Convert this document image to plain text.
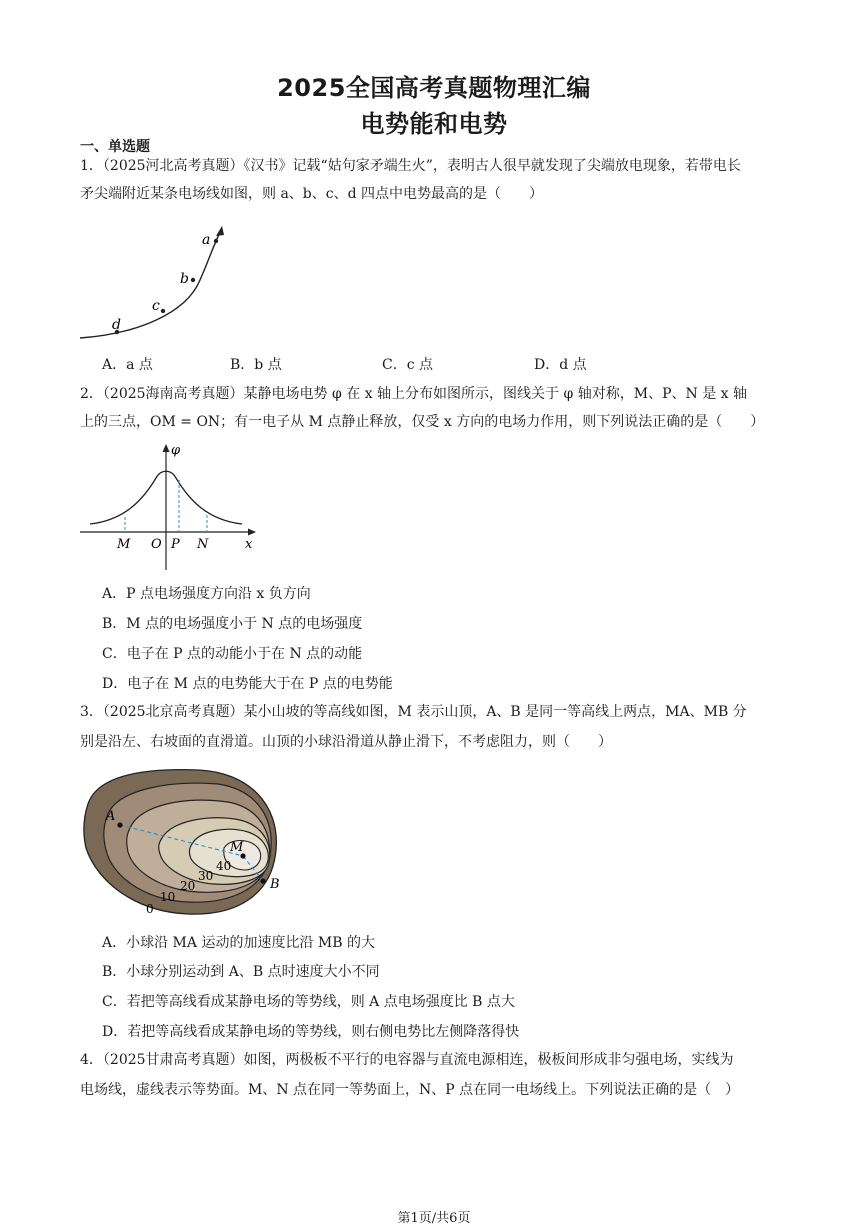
2025全国高考真题物理汇编
电势能和电势
一、单选题
1．（2025河北高考真题）《汉书》记载“姑句家矛端生火”，表明古人很早就发现了尖端放电现象，若带电长
矛尖端附近某条电场线如图，则 a、b、c、d 四点中电势最高的是（　　）
a
b
c
d
A．a 点	B．b 点	C．c 点	D．d 点
2．（2025海南高考真题）某静电场电势 φ 在 x 轴上分布如图所示，图线关于 φ 轴对称，M、P、N 是 x 轴
上的三点，OM = ON；有一电子从 M 点静止释放，仅受 x 方向的电场力作用，则下列说法正确的是（　　）
φ
M O P N	x
A．P 点电场强度方向沿 x 负方向
B．M 点的电场强度小于 N 点的电场强度
C．电子在 P 点的动能小于在 N 点的动能
D．电子在 M 点的电势能大于在 P 点的电势能
3．（2025北京高考真题）某小山坡的等高线如图，M 表示山顶，A、B 是同一等高线上两点，MA、MB 分
别是沿左、右坡面的直滑道。山顶的小球沿滑道从静止滑下，不考虑阻力，则（　　）
A
M
B
40
30
20
10
0
A．小球沿 MA 运动的加速度比沿 MB 的大
B．小球分别运动到 A、B 点时速度大小不同
C．若把等高线看成某静电场的等势线，则 A 点电场强度比 B 点大
D．若把等高线看成某静电场的等势线，则右侧电势比左侧降落得快
4．（2025甘肃高考真题）如图，两极板不平行的电容器与直流电源相连，极板间形成非匀强电场，实线为
电场线，虚线表示等势面。M、N 点在同一等势面上，N、P 点在同一电场线上。下列说法正确的是（　）
第1页/共6页
